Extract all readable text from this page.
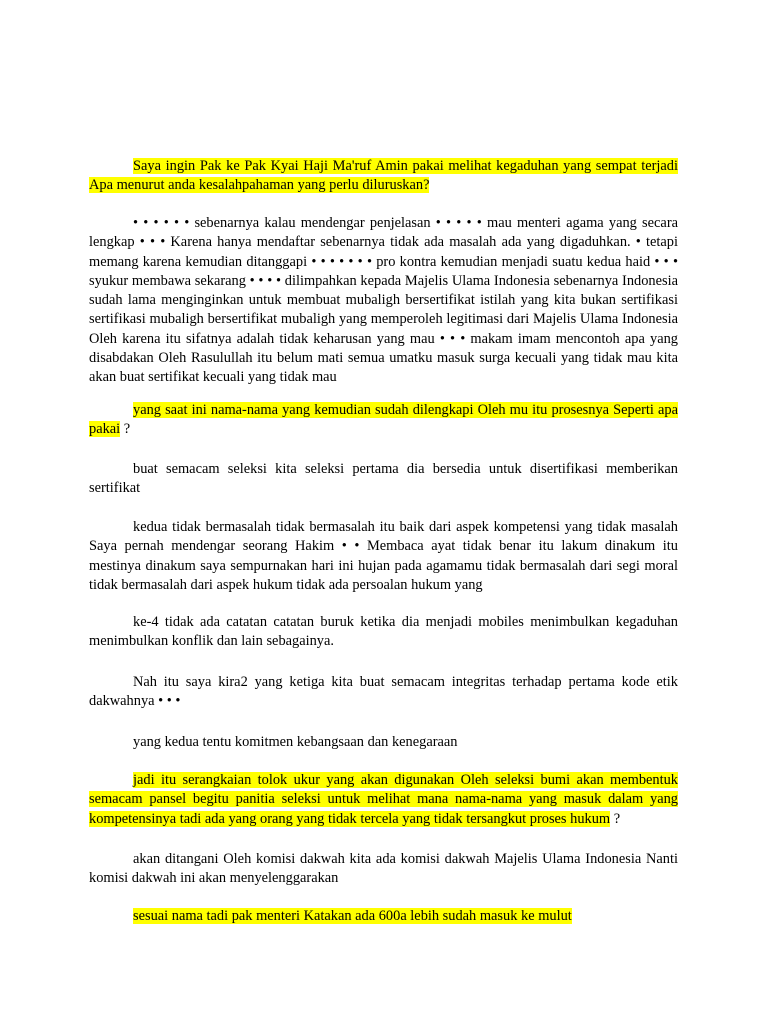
Saya ingin Pak ke Pak Kyai Haji Ma'ruf Amin pakai melihat kegaduhan yang sempat terjadi Apa menurut anda kesalahpahaman yang perlu diluruskan?

• • • • • • sebenarnya kalau mendengar penjelasan • • • • • mau menteri agama yang secara lengkap • • • Karena hanya mendaftar sebenarnya tidak ada masalah ada yang digaduhkan. • tetapi memang karena kemudian ditanggapi • • • • • • • pro kontra kemudian menjadi suatu kedua haid • • • syukur membawa sekarang • • • • dilimpahkan kepada Majelis Ulama Indonesia sebenarnya Indonesia sudah lama menginginkan untuk membuat mubaligh bersertifikat istilah yang kita bukan sertifikasi sertifikasi mubaligh bersertifikat mubaligh yang memperoleh legitimasi dari Majelis Ulama Indonesia Oleh karena itu sifatnya adalah tidak keharusan yang mau • • • makam imam mencontoh apa yang disabdakan Oleh Rasulullah itu belum mati semua umatku masuk surga kecuali yang tidak mau kita akan buat sertifikat kecuali yang tidak mau

yang saat ini nama-nama yang kemudian sudah dilengkapi Oleh mu itu prosesnya Seperti apa pakai ?

buat semacam seleksi kita seleksi pertama dia bersedia untuk disertifikasi memberikan sertifikat

kedua tidak bermasalah tidak bermasalah itu baik dari aspek kompetensi yang tidak masalah Saya pernah mendengar seorang Hakim • • Membaca ayat tidak benar itu lakum dinakum itu mestinya dinakum saya sempurnakan hari ini hujan pada agamamu tidak bermasalah dari segi moral tidak bermasalah dari aspek hukum tidak ada persoalan hukum yang

ke-4 tidak ada catatan catatan buruk ketika dia menjadi mobiles menimbulkan kegaduhan menimbulkan konflik dan lain sebagainya.

Nah itu saya kira2 yang ketiga kita buat semacam integritas terhadap pertama kode etik dakwahnya • • •

yang kedua tentu komitmen kebangsaan dan kenegaraan

jadi itu serangkaian tolok ukur yang akan digunakan Oleh seleksi bumi akan membentuk semacam pansel begitu panitia seleksi untuk melihat mana nama-nama yang masuk dalam yang kompetensinya tadi ada yang orang yang tidak tercela yang tidak tersangkut proses hukum ?

akan ditangani Oleh komisi dakwah kita ada komisi dakwah Majelis Ulama Indonesia Nanti komisi dakwah ini akan menyelenggarakan

sesuai nama tadi pak menteri Katakan ada 600a lebih sudah masuk ke mulut
